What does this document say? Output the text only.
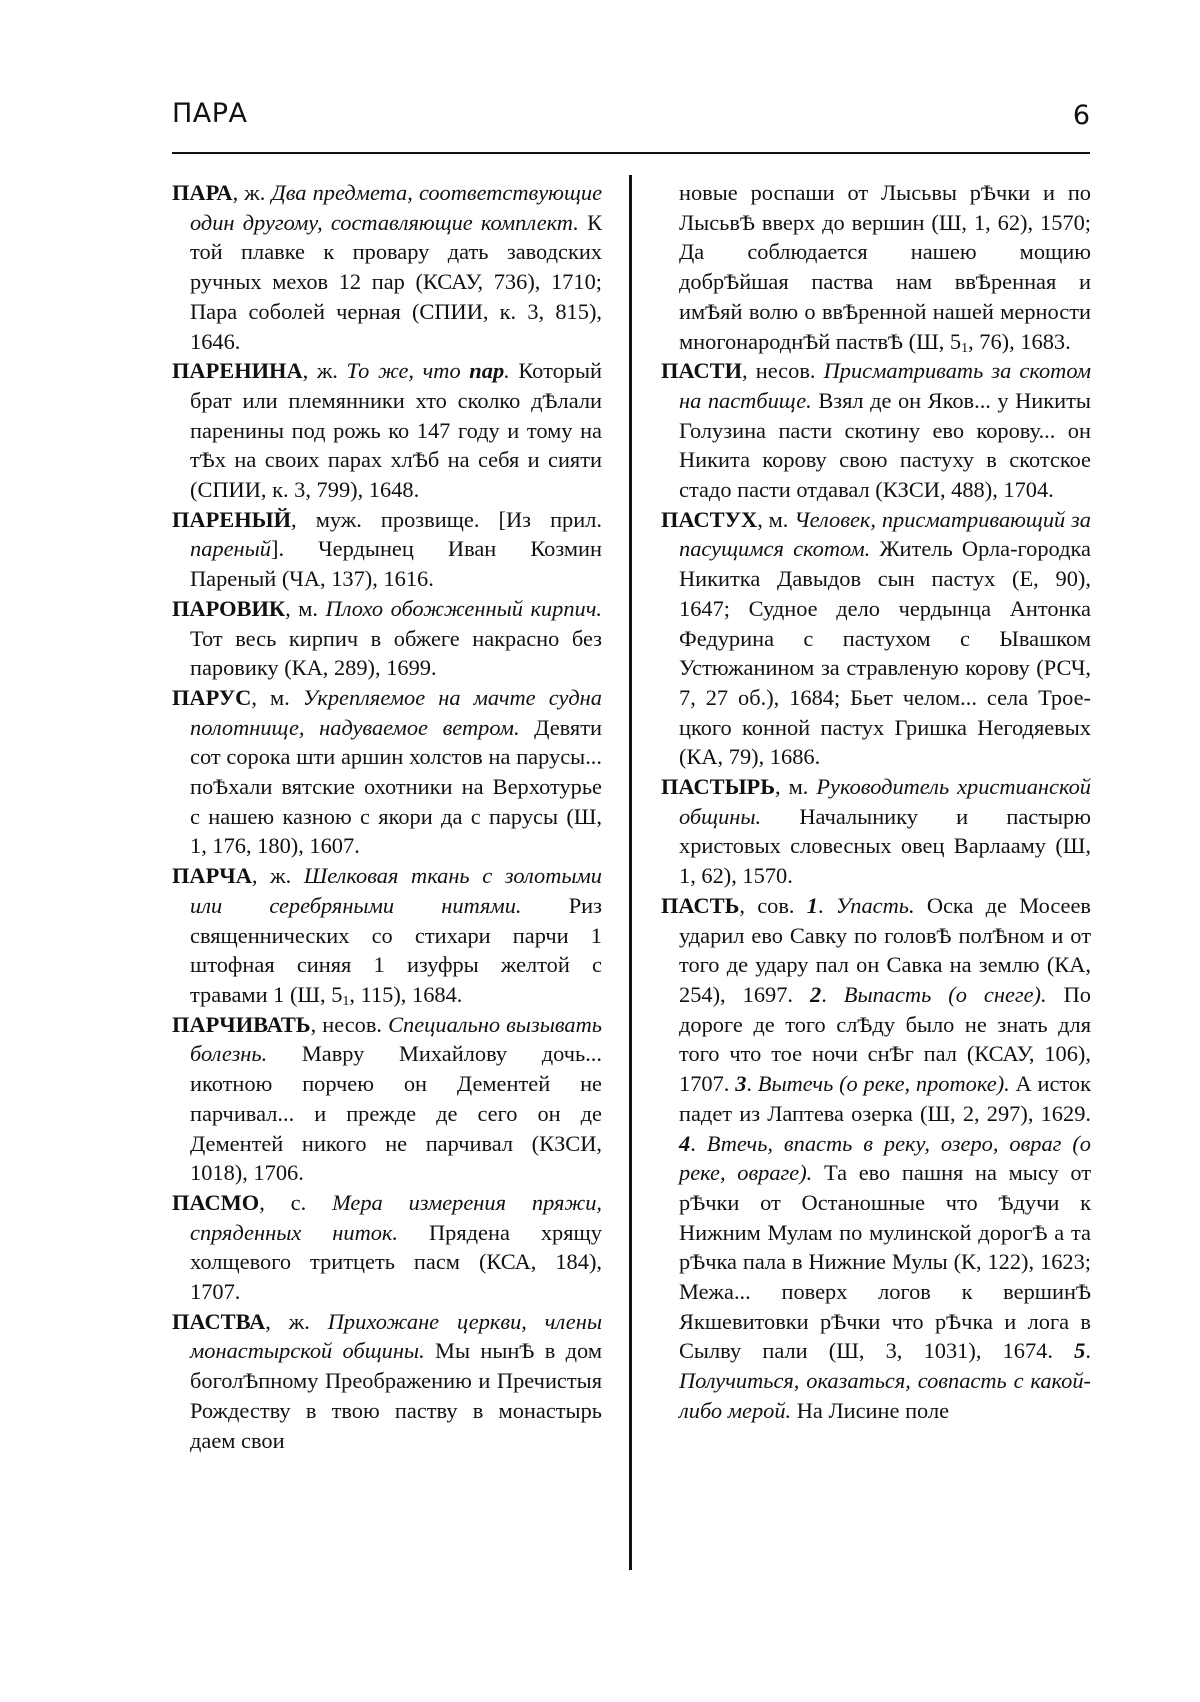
ПАРА	6

ПАРА, ж. Два предмета, соответствующие один другому, составляющие комплект. К той плавке к провару дать заводских ручных мехов 12 пар (КСАУ, 736), 1710; Пара соболей черная (СПИИ, к. 3, 815), 1646.

ПАРЕНИНА, ж. То же, что пар. Который брат или племянники хто сколко дѢлали паренины под рожь ко 147 году и тому на тѢх на своих парах хлѢб на себя и сияти (СПИИ, к. 3, 799), 1648.

ПАРЕНЫЙ, муж. прозвище. [Из прил. пареный]. Чердынец Иван Козмин Пареный (ЧА, 137), 1616.

ПАРОВИК, м. Плохо обожженный кирпич. Тот весь кирпич в обжеге накрасно без паровику (КА, 289), 1699.

ПАРУС, м. Укрепляемое на мачте судна полотнище, надуваемое ветром. Девяти сот сорока шти аршин холстов на парусы... поѢхали вятские охотники на Верхотурье с нашею казною с якори да с парусы (Ш, 1, 176, 180), 1607.

ПАРЧА, ж. Шелковая ткань с золотыми или серебряными нитями. Риз священнических со стихари парчи 1 штофная синяя 1 изуфры желтой с травами 1 (Ш, $5_1$, 115), 1684.

ПАРЧИВАТЬ, несов. Специально вызывать болезнь. Мавру Михайлову дочь... икотною порчею он Дементей не парчивал... и прежде де сего он де Дементей никого не парчивал (КЗСИ, 1018), 1706.

ПАСМО, с. Мера измерения пряжи, спряденных ниток. Прядена хрящу холщевого тритцеть пасм (КСА, 184), 1707.

ПАСТВА, ж. Прихожане церкви, члены монастырской общины. Мы нынѢ в дом боголѢпному Преображению и Пречистыя Рождеству в твою паству в монастырь даем свои

новые роспаши от Лысьвы рѢчки и по ЛысьвѢ вверх до вершин (Ш, 1, 62), 1570; Да соблюдается нашею мощию добрѢйшая паства нам ввѢренная и имѢяй волю о ввѢренной нашей мерности многонароднѢй паствѢ (Ш, $5_1$, 76), 1683.

ПАСТИ, несов. Присматривать за скотом на пастбище. Взял де он Яков... у Никиты Голузина пасти скотину ево корову... он Никита корову свою пастуху в скотское стадо пасти отдавал (КЗСИ, 488), 1704.

ПАСТУХ, м. Человек, присматривающий за пасущимся скотом. Житель Орла-городка Никитка Давыдов сын пастух (Е, 90), 1647; Судное дело чердынца Антонка Федурина с пастухом с Ывашком Устюжанином за стравленую корову (РСЧ, 7, 27 об.), 1684; Бьет челом... села Троецкого конной пастух Гришка Негодяевых (КА, 79), 1686.

ПАСТЫРЬ, м. Руководитель христианской общины. Началынику и пастырю христовых словесных овец Варлааму (Ш, 1, 62), 1570.

ПАСТЬ, сов. 1. Упасть. Оска де Мосеев ударил ево Савку по головѢ полѢном и от того де удару пал он Савка на землю (КА, 254), 1697. 2. Выпасть (о снеге). По дороге де того слѢду было не знать для того что тое ночи снѢг пал (КСАУ, 106), 1707. 3. Вытечь (о реке, протоке). А исток падет из Лаптева озерка (Ш, 2, 297), 1629. 4. Втечь, впасть в реку, озеро, овраг (о реке, овраге). Та ево пашня на мысу от рѢчки от Останошные что Ѣдучи к Нижним Мулам по мулинской дорогѢ а та рѢчка пала в Нижние Мулы (К, 122), 1623; Межа... поверх логов к вершинѢ Якшевитовки рѢчки что рѢчка и лога в Сылву пали (Ш, 3, 1031), 1674. 5. Получиться, оказаться, совпасть с какой-либо мерой. На Лисине поле
